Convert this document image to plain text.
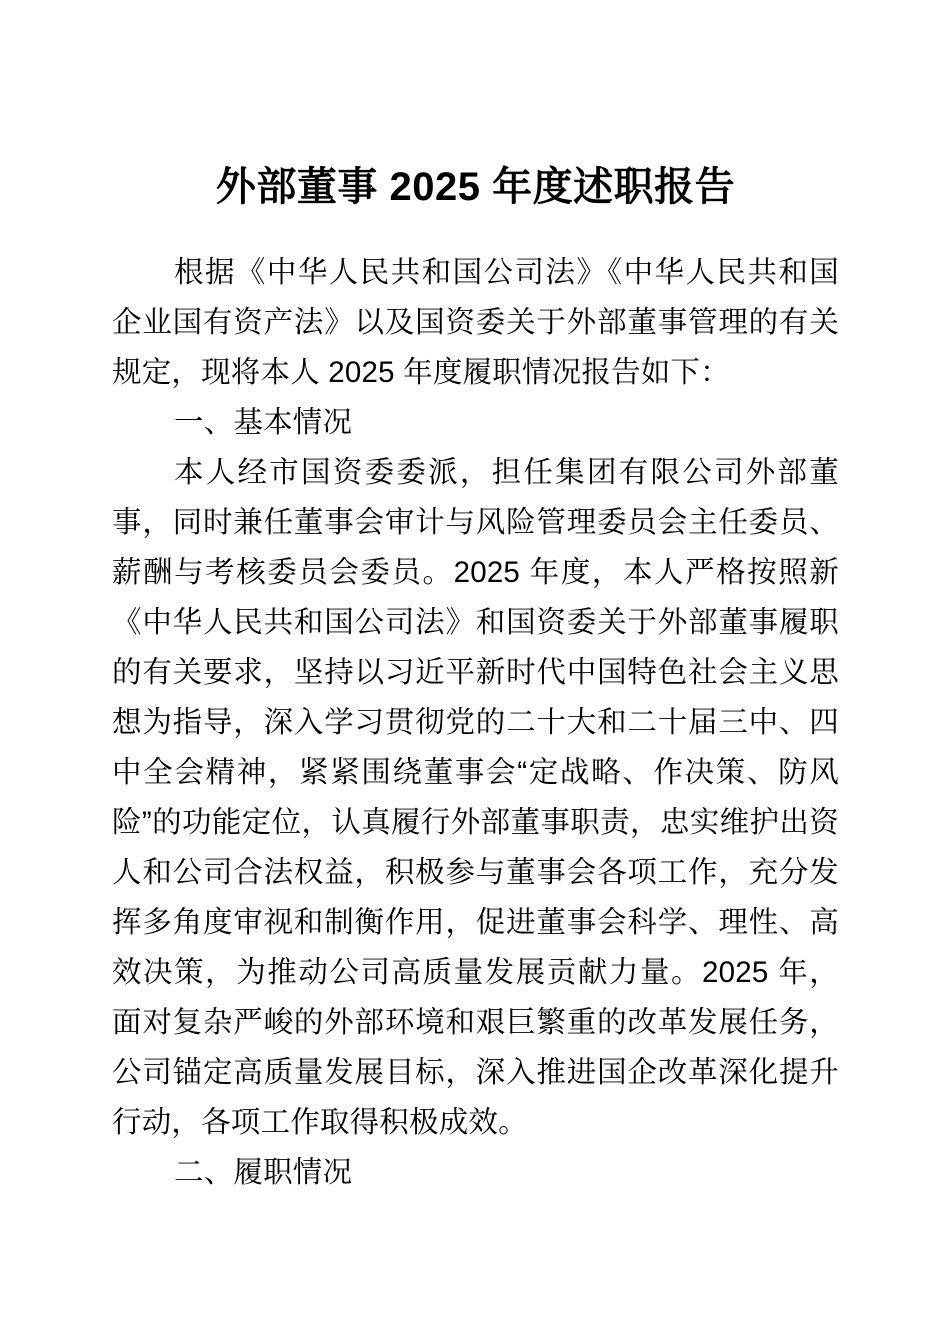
外部董事 2025 年度述职报告

根据《中华人民共和国公司法》《中华人民共和国企业国有资产法》以及国资委关于外部董事管理的有关规定，现将本人 2025 年度履职情况报告如下：

一、基本情况

本人经市国资委委派，担任集团有限公司外部董事，同时兼任董事会审计与风险管理委员会主任委员、薪酬与考核委员会委员。2025 年度，本人严格按照新《中华人民共和国公司法》和国资委关于外部董事履职的有关要求，坚持以习近平新时代中国特色社会主义思想为指导，深入学习贯彻党的二十大和二十届三中、四中全会精神，紧紧围绕董事会“定战略、作决策、防风险”的功能定位，认真履行外部董事职责，忠实维护出资人和公司合法权益，积极参与董事会各项工作，充分发挥多角度审视和制衡作用，促进董事会科学、理性、高效决策，为推动公司高质量发展贡献力量。2025 年，面对复杂严峻的外部环境和艰巨繁重的改革发展任务，公司锚定高质量发展目标，深入推进国企改革深化提升行动，各项工作取得积极成效。

二、履职情况
